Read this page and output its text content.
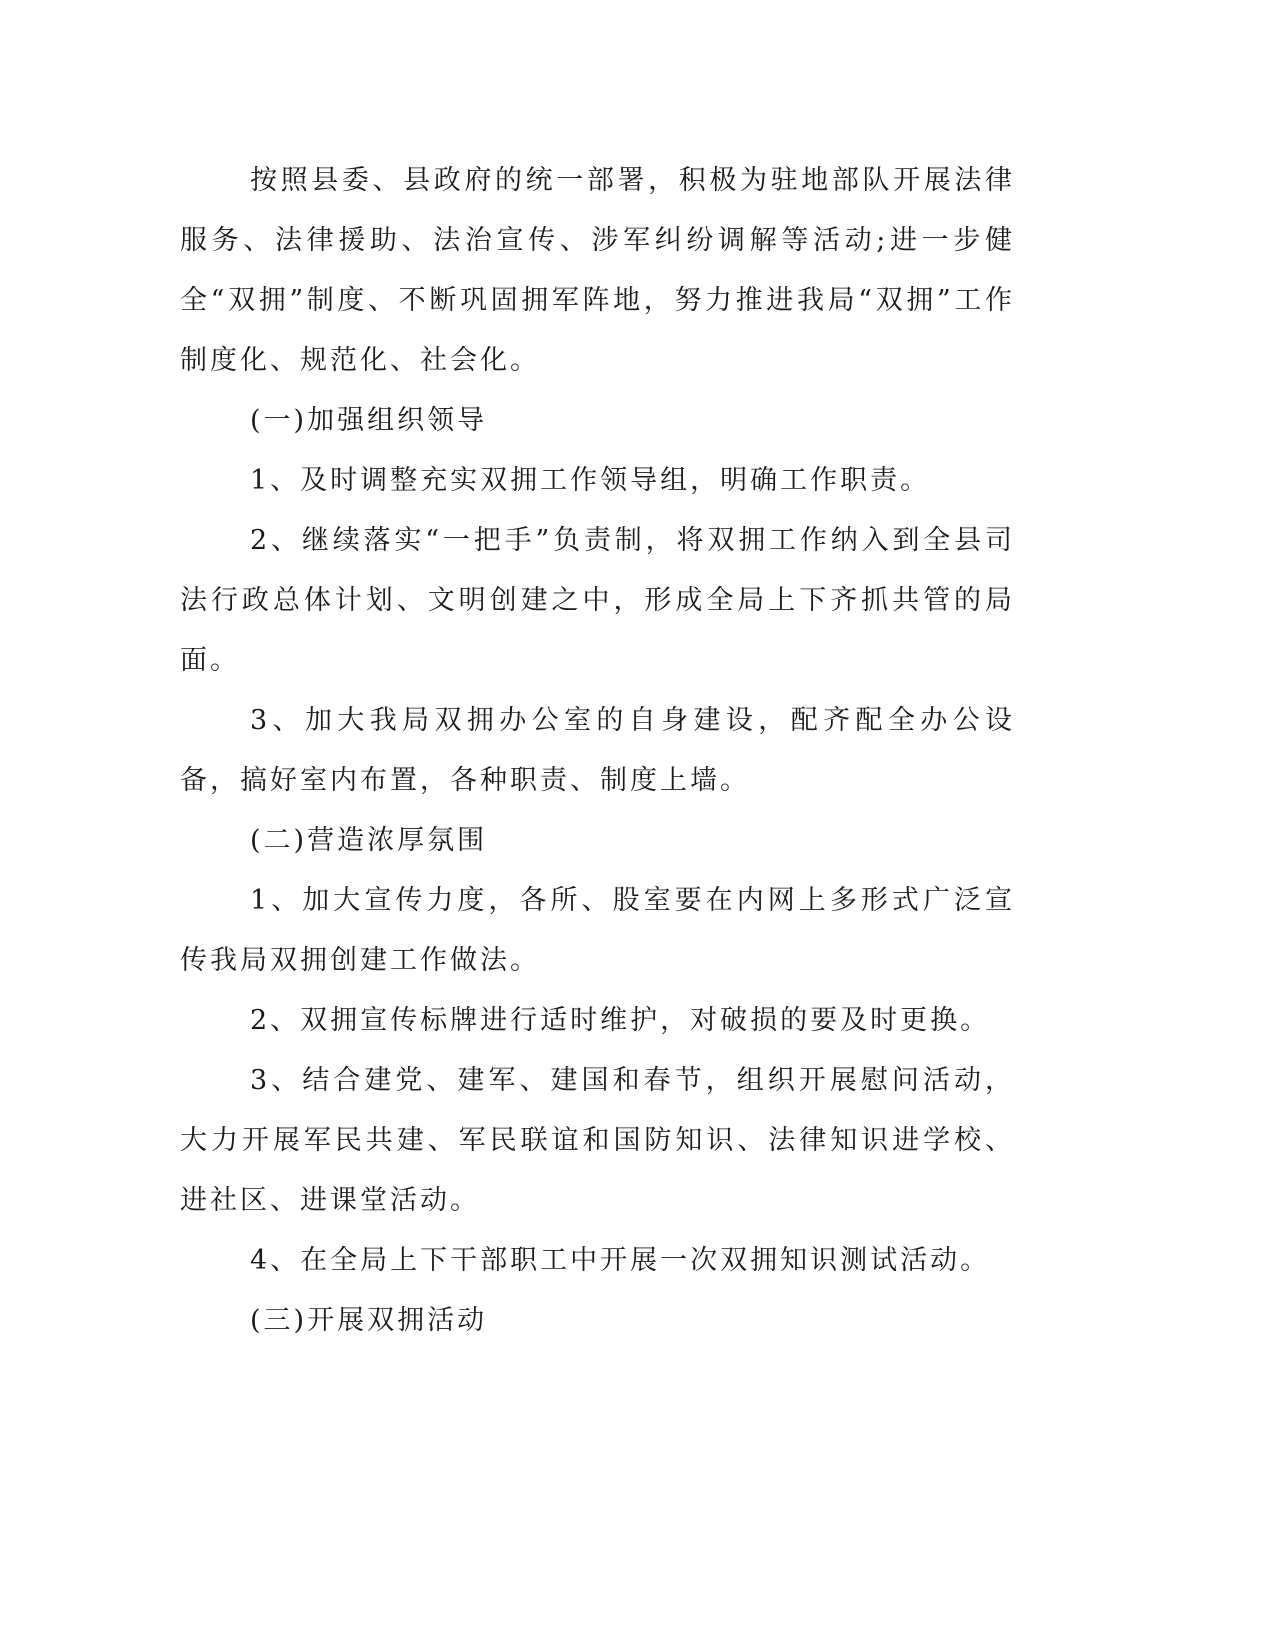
按照县委、县政府的统一部署，积极为驻地部队开展法律服务、法律援助、法治宣传、涉军纠纷调解等活动;进一步健全“双拥”制度、不断巩固拥军阵地，努力推进我局“双拥”工作制度化、规范化、社会化。

(一)加强组织领导

1、及时调整充实双拥工作领导组，明确工作职责。

2、继续落实“一把手”负责制，将双拥工作纳入到全县司法行政总体计划、文明创建之中，形成全局上下齐抓共管的局面。

3、加大我局双拥办公室的自身建设，配齐配全办公设备，搞好室内布置，各种职责、制度上墙。

(二)营造浓厚氛围

1、加大宣传力度，各所、股室要在内网上多形式广泛宣传我局双拥创建工作做法。

2、双拥宣传标牌进行适时维护，对破损的要及时更换。

3、结合建党、建军、建国和春节，组织开展慰问活动，大力开展军民共建、军民联谊和国防知识、法律知识进学校、进社区、进课堂活动。

4、在全局上下干部职工中开展一次双拥知识测试活动。

(三)开展双拥活动
